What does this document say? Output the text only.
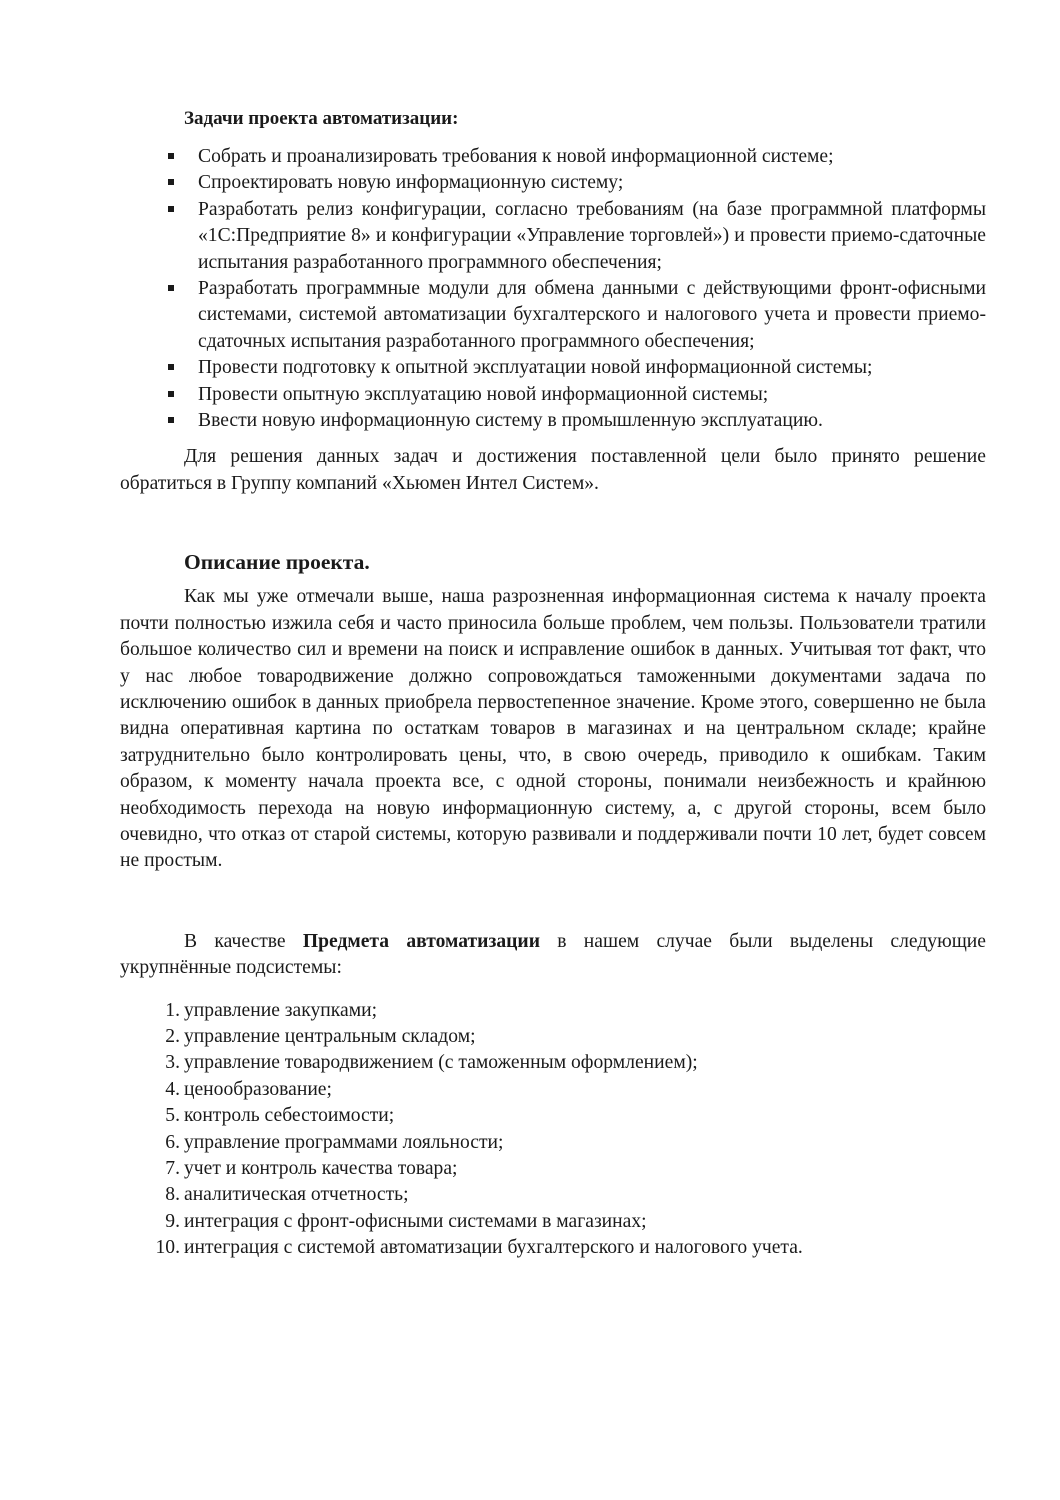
Задачи проекта автоматизации:

Собрать и проанализировать требования к новой информационной системе;
Спроектировать новую информационную систему;
Разработать релиз конфигурации, согласно требованиям (на базе программной платформы «1С:Предприятие 8» и конфигурации «Управление торговлей») и провести приемо-сдаточные испытания разработанного программного обеспечения;
Разработать программные модули для обмена данными с действующими фронт-офисными системами, системой автоматизации бухгалтерского и налогового учета и провести приемо-сдаточных испытания разработанного программного обеспечения;
Провести подготовку к опытной эксплуатации новой информационной системы;
Провести опытную эксплуатацию новой информационной системы;
Ввести новую информационную систему в промышленную эксплуатацию.

Для решения данных задач и достижения поставленной цели было принято решение обратиться в Группу компаний «Хьюмен Интел Систем».

Описание проекта.

Как мы уже отмечали выше, наша разрозненная информационная система к началу проекта почти полностью изжила себя и часто приносила больше проблем, чем пользы. Пользователи тратили большое количество сил и времени на поиск и исправление ошибок в данных. Учитывая тот факт, что у нас любое товародвижение должно сопровождаться таможенными документами задача по исключению ошибок в данных приобрела первостепенное значение. Кроме этого, совершенно не была видна оперативная картина по остаткам товаров в магазинах и на центральном складе; крайне затруднительно было контролировать цены, что, в свою очередь, приводило к ошибкам. Таким образом, к моменту начала проекта все, с одной стороны, понимали неизбежность и крайнюю необходимость перехода на новую информационную систему, а, с другой стороны, всем было очевидно, что отказ от старой системы, которую развивали и поддерживали почти 10 лет, будет совсем не простым.

В качестве Предмета автоматизации в нашем случае были выделены следующие укрупнённые подсистемы:

1. управление закупками;
2. управление центральным складом;
3. управление товародвижением (с таможенным оформлением);
4. ценообразование;
5. контроль себестоимости;
6. управление программами лояльности;
7. учет и контроль качества товара;
8. аналитическая отчетность;
9. интеграция с фронт-офисными системами в магазинах;
10. интеграция с системой автоматизации бухгалтерского и налогового учета.
